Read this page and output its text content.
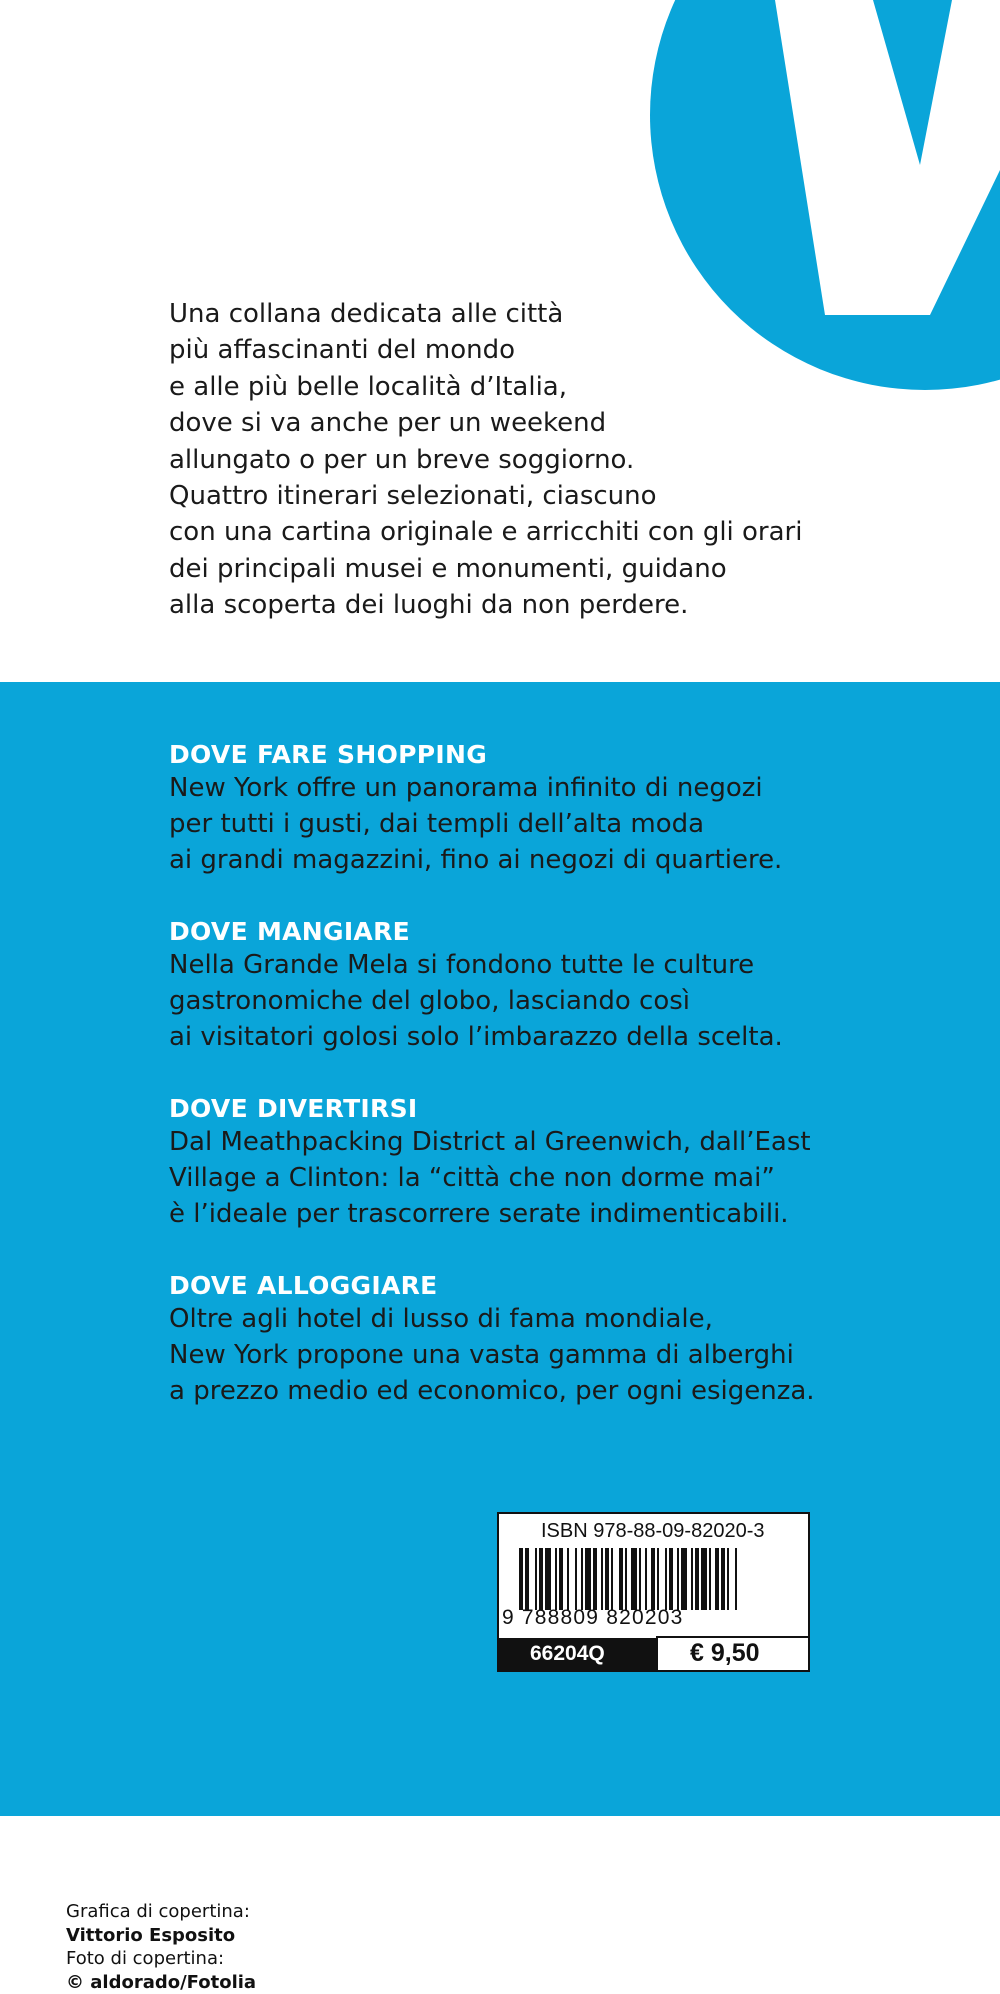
Una collana dedicata alle città
più affascinanti del mondo
e alle più belle località d’Italia,
dove si va anche per un weekend
allungato o per un breve soggiorno.
Quattro itinerari selezionati, ciascuno
con una cartina originale e arricchiti con gli orari
dei principali musei e monumenti, guidano
alla scoperta dei luoghi da non perdere.
DOVE FARE SHOPPING
New York offre un panorama infinito di negozi
per tutti i gusti, dai templi dell’alta moda
ai grandi magazzini, fino ai negozi di quartiere.
DOVE MANGIARE
Nella Grande Mela si fondono tutte le culture
gastronomiche del globo, lasciando così
ai visitatori golosi solo l’imbarazzo della scelta.
DOVE DIVERTIRSI
Dal Meathpacking District al Greenwich, dall’East
Village a Clinton: la “città che non dorme mai”
è l’ideale per trascorrere serate indimenticabili.
DOVE ALLOGGIARE
Oltre agli hotel di lusso di fama mondiale,
New York propone una vasta gamma di alberghi
a prezzo medio ed economico, per ogni esigenza.
Grafica di copertina:
Vittorio Esposito
Foto di copertina:
© aldorado/Fotolia
ISBN 978-88-09-82020-3
9 788809 820203
66204Q	€ 9,50
